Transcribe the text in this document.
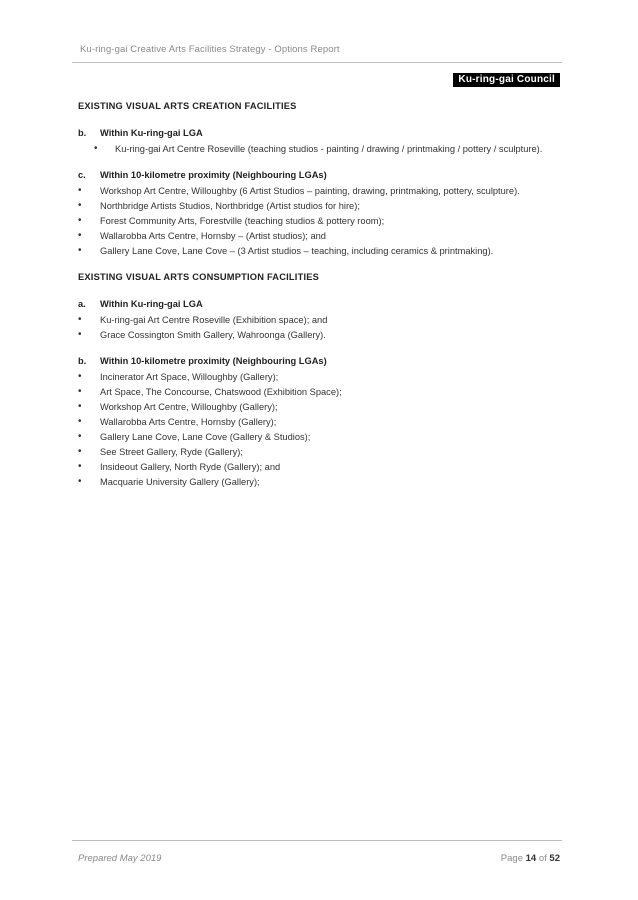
Ku-ring-gai Creative Arts Facilities Strategy - Options Report
Ku-ring-gai Council
EXISTING VISUAL ARTS CREATION FACILITIES
b.	Within Ku-ring-gai LGA
• Ku-ring-gai Art Centre Roseville (teaching studios - painting / drawing / printmaking / pottery / sculpture).
c.	Within 10-kilometre proximity (Neighbouring LGAs)
• Workshop Art Centre, Willoughby (6 Artist Studios – painting, drawing, printmaking, pottery, sculpture).
• Northbridge Artists Studios, Northbridge (Artist studios for hire);
• Forest Community Arts, Forestville (teaching studios & pottery room);
• Wallarobba Arts Centre, Hornsby – (Artist studios); and
• Gallery Lane Cove, Lane Cove – (3 Artist studios – teaching, including ceramics & printmaking).
EXISTING VISUAL ARTS CONSUMPTION FACILITIES
a.	Within Ku-ring-gai LGA
• Ku-ring-gai Art Centre Roseville (Exhibition space); and
• Grace Cossington Smith Gallery, Wahroonga (Gallery).
b.	Within 10-kilometre proximity (Neighbouring LGAs)
• Incinerator Art Space, Willoughby (Gallery);
• Art Space, The Concourse, Chatswood (Exhibition Space);
• Workshop Art Centre, Willoughby (Gallery);
• Wallarobba Arts Centre, Hornsby (Gallery);
• Gallery Lane Cove, Lane Cove (Gallery & Studios);
• See Street Gallery, Ryde (Gallery);
• Insideout Gallery, North Ryde (Gallery); and
• Macquarie University Gallery (Gallery);
Prepared May 2019	Page 14 of 52
